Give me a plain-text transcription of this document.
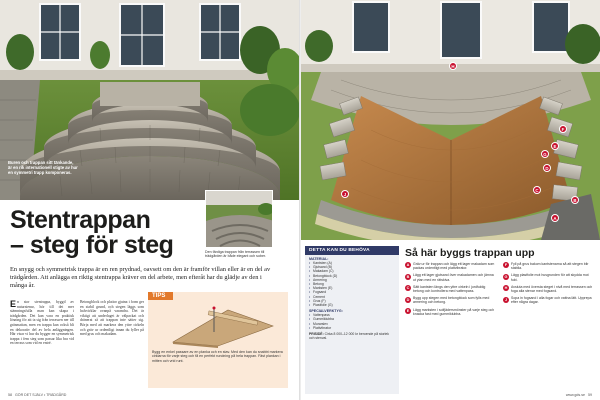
Buren och trappan sitt tänkande, är en rik internationell stigte av hur en symmetri trapp komponeras.
Den färdiga trappan från terrassen till trädgården är både elegant och sober.
Stentrappan
– steg för steg

En snygg och symmetrisk trappa är en ren prydnad, oavsett om den är framför villan eller är en del av trädgården. Att anlägga en riktig stentrappa kräver en del arbete, men efteråt har du glädje av den i många år.

En stor stentrappa, byggd av naturstenar, hör till det mer stämningsfulla man kan skapa i trädgården. Det kan vara en praktisk lösning för att ta sig från terrassen ner till gräsmattan, men en trappa kan också bli en dekorativ del av hela anläggningen. Här visar vi hur du bygger en symmetrisk trappa i fem steg som passar lika bra vid en terrass som vid en entré.
Betongblock och plattor gjutna i form ger en stabil grund, och stegen läggs som halvcirklar ovanpå varandra. Det är viktigt att underlaget är välpackat och dränerat så att trappan inte sätter sig. Börja med att markera den yttre cirkeln och gräv ur ordentligt innan du fyller på med grus och makadam.
TIPS
Bygg en enkel passare av en planka och en stav. Med den kan du snabbt markera cirklarna för varje steg och få en perfekt rundning på hela trappan. Fäst plankan i mitten och vrid runt.
58 GÖR DET SJÄLV • TRÄDGÅRD
H
G
F
E
D
C
B
A
J
DETTA KAN DU BEHÖVA
MATERIAL:
• Kantsten (A)
• Gjutsand (B)
• Makadam (C)
• Betongblock (D)
• Armering
• Betong
• Marksten (E)
• Fogsand
• Cement
• Grus (F)
• Plastfolie (G)
SPECIALVERKTYG:
• Vattenpass
• Gummiklubba
• Murarslev
• Plattvibrator
PRISIDÉ: Cirka 8 000–12 000 kr beroende på storlek och stenval.
Så här byggs trappan upp
A	Gräv ur för trappan och lägg ett lager makadam som packas ordentligt med plattvibrator.
B	Lägg ett lager gjutsand över makadamen och jämna ut ytan med en rätskiva.
C	Sätt kantsten längs den yttre cirkeln i jordfuktig betong och kontrollera med vattenpass.
D	Bygg upp stegen med betongblock som fylls med armering och betong.
E	Lägg marksten i solfjädersmönster på varje steg och knacka fast med gummiklubba.
F	Fyll på grus bakom kantstenarna så att stegen blir stabila.
G	Lägg plastfolie mot husgrunden för att skydda mot fukt.
H	Avsluta med översta steget i nivå med terrassen och foga alla stenar med fogsand.
J	Sopa in fogsand i alla fogar och vattna lätt. Upprepa efter några dagar.
www.gds.se 59
